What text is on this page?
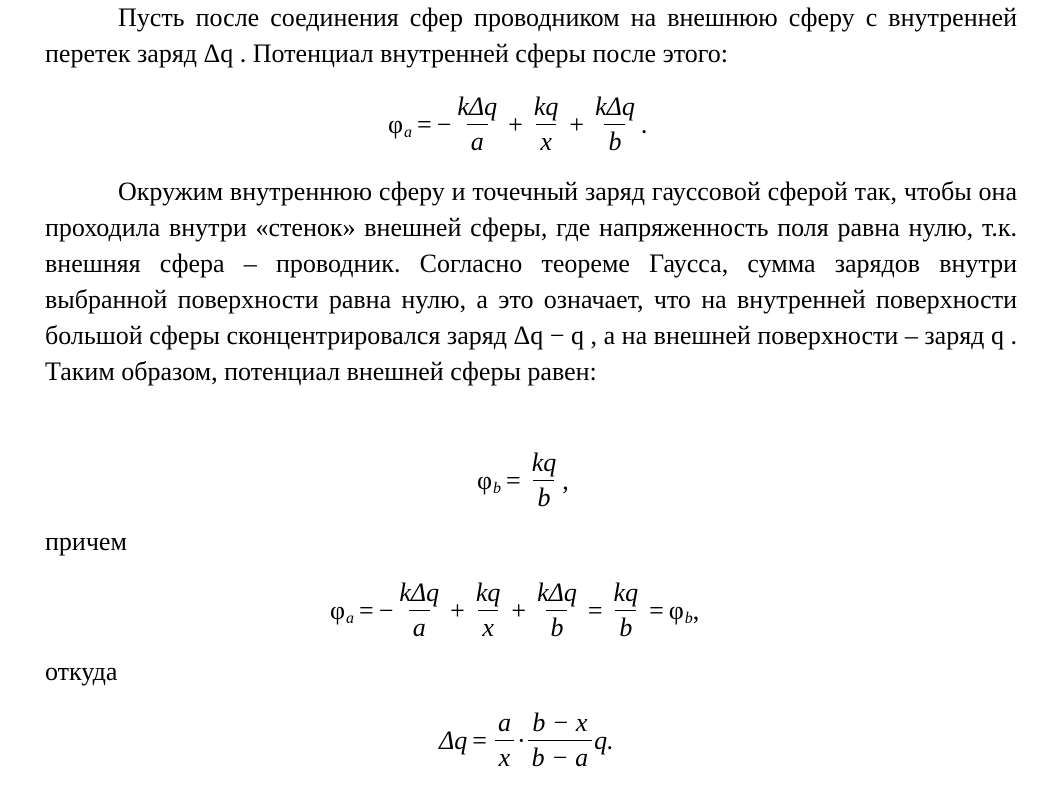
Пусть после соединения сфер проводником на внешнюю сферу с внутренней перетек заряд Δq . Потенциал внутренней сферы после этого:

φ a = − $\frac{\text{kΔq}}{a} + \frac{kq}{x} + \frac{\text{kΔq}}{b}$ .

Окружим внутреннюю сферу и точечный заряд гауссовой сферой так, чтобы она проходила внутри «стенок» внешней сферы, где напряженность поля равна нулю, т.к. внешняя сфера – проводник. Согласно теореме Гаусса, сумма зарядов внутри выбранной поверхности равна нулю, а это означает, что на внутренней поверхности большой сферы сконцентрировался заряд Δq − q , а на внешней поверхности – заряд q . Таким образом, потенциал внешней сферы равен:

φ $b = \frac{kq}{b}$ ,
причем
φ a = − $\frac{\text{kΔq}}{a} + \frac{kq}{x} + \frac{\text{kΔq}}{b} = \frac{kq}{b} = \varphi$ b ,
откуда
$\Delta q = \frac{a}{x} \cdot \frac{b - x}{b - a} q$.
